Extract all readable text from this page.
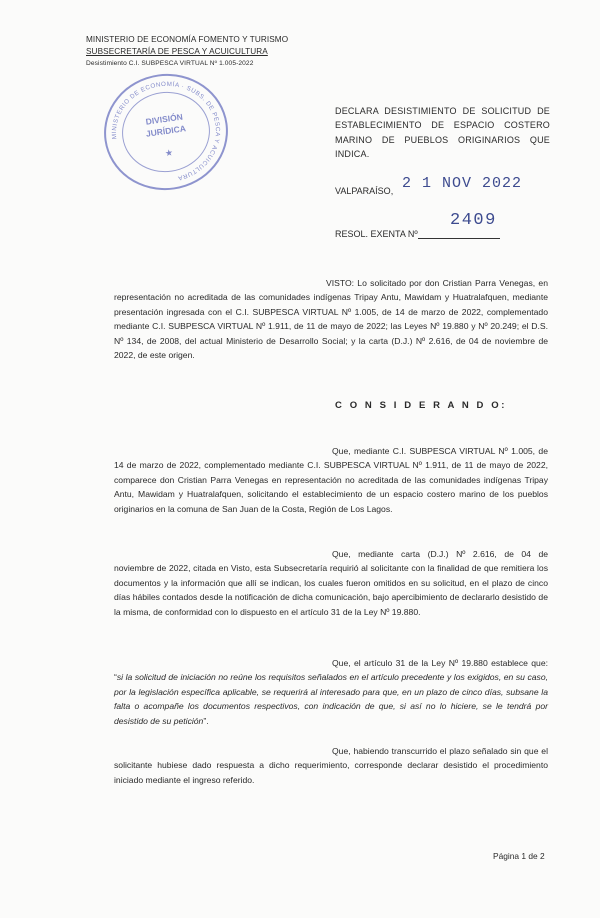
MINISTERIO DE ECONOMÍA FOMENTO Y TURISMO
SUBSECRETARÍA DE PESCA Y ACUICULTURA
Desistimiento C.I. SUBPESCA VIRTUAL Nº 1.005-2022
MINISTERIO DE ECONOMÍA · SUBS. DE PESCA Y ACUICULTURA
DIVISIÓN
JURÍDICA
★
DECLARA DESISTIMIENTO DE SOLICITUD DE
ESTABLECIMIENTO DE ESPACIO COSTERO
MARINO DE PUEBLOS ORIGINARIOS QUE INDICA.
VALPARAÍSO, 2 1 NOV 2022
RESOL. EXENTA Nº
2409
VISTO: Lo solicitado por don Cristian Parra Venegas, en representación no acreditada de las comunidades indígenas Tripay Antu, Mawidam y Huatralafquen, mediante presentación ingresada con el C.I. SUBPESCA VIRTUAL Nº 1.005, de 14 de marzo de 2022, complementado mediante C.I. SUBPESCA VIRTUAL Nº 1.911, de 11 de mayo de 2022; las Leyes Nº 19.880 y Nº 20.249; el D.S. Nº 134, de 2008, del actual Ministerio de Desarrollo Social; y la carta (D.J.) Nº 2.616, de 04 de noviembre de 2022, de este origen.
C O N S I D E R A N D O:
Que, mediante C.I. SUBPESCA VIRTUAL Nº 1.005, de 14 de marzo de 2022, complementado mediante C.I. SUBPESCA VIRTUAL Nº 1.911, de 11 de mayo de 2022, comparece don Cristian Parra Venegas en representación no acreditada de las comunidades indígenas Tripay Antu, Mawidam y Huatralafquen, solicitando el establecimiento de un espacio costero marino de los pueblos originarios en la comuna de San Juan de la Costa, Región de Los Lagos.
Que, mediante carta (D.J.) Nº 2.616, de 04 de noviembre de 2022, citada en Visto, esta Subsecretaría requirió al solicitante con la finalidad de que remitiera los documentos y la información que allí se indican, los cuales fueron omitidos en su solicitud, en el plazo de cinco días hábiles contados desde la notificación de dicha comunicación, bajo apercibimiento de declararlo desistido de la misma, de conformidad con lo dispuesto en el artículo 31 de la Ley Nº 19.880.
Que, el artículo 31 de la Ley Nº 19.880 establece que: “si la solicitud de iniciación no reúne los requisitos señalados en el artículo precedente y los exigidos, en su caso, por la legislación específica aplicable, se requerirá al interesado para que, en un plazo de cinco días, subsane la falta o acompañe los documentos respectivos, con indicación de que, si así no lo hiciere, se le tendrá por desistido de su petición”.
Que, habiendo transcurrido el plazo señalado sin que el solicitante hubiese dado respuesta a dicho requerimiento, corresponde declarar desistido el procedimiento iniciado mediante el ingreso referido.
Página 1 de 2
